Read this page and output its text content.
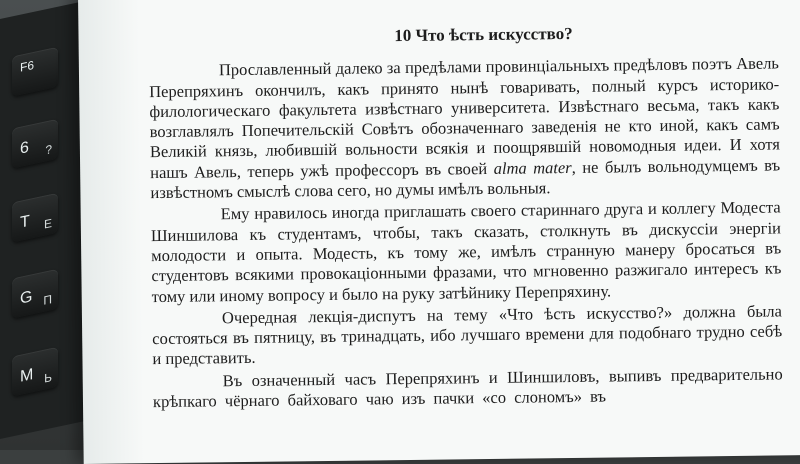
F6
6 ?
T E
G П
M Ь
10 Что ѣсть искусство?

Прославленный далеко за предѣлами провинціальныхъ предѣловъ поэтъ Авель Перепряхинъ окончилъ, какъ принято нынѣ говаривать, полный курсъ историко-филологическаго факультета извѣстнаго университета. Извѣстнаго весьма, такъ какъ возглавлялъ Попечительскій Совѣтъ обозначеннаго заведенія не кто иной, какъ самъ Великій князь, любившій вольности всякія и поощрявшій новомодныя идеи. И хотя нашъ Авель, теперь ужѣ профессоръ въ своей alma mater, не былъ вольнодумцемъ въ извѣстномъ смыслѣ слова сего, но думы имѣлъ вольныя.

Ему нравилось иногда приглашать своего стариннаго друга и коллегу Модеста Шиншилова къ студентамъ, чтобы, такъ сказать, столкнуть въ дискуссіи энергіи молодости и опыта. Модесть, къ тому же, имѣлъ странную манеру бросаться въ студентовъ всякими провокаціонными фразами, что мгновенно разжигало интересъ къ тому или иному вопросу и было на руку затѣйнику Перепряхину.

Очередная лекція-диспутъ на тему «Что ѣсть искусство?» должна была состояться въ пятницу, въ тринадцать, ибо лучшаго времени для подобнаго трудно себѣ и представить.

Въ означенный часъ Перепряхинъ и Шиншиловъ, выпивъ предварительно крѣпкаго чёрнаго байховаго чаю изъ пачки «со слономъ» въ
